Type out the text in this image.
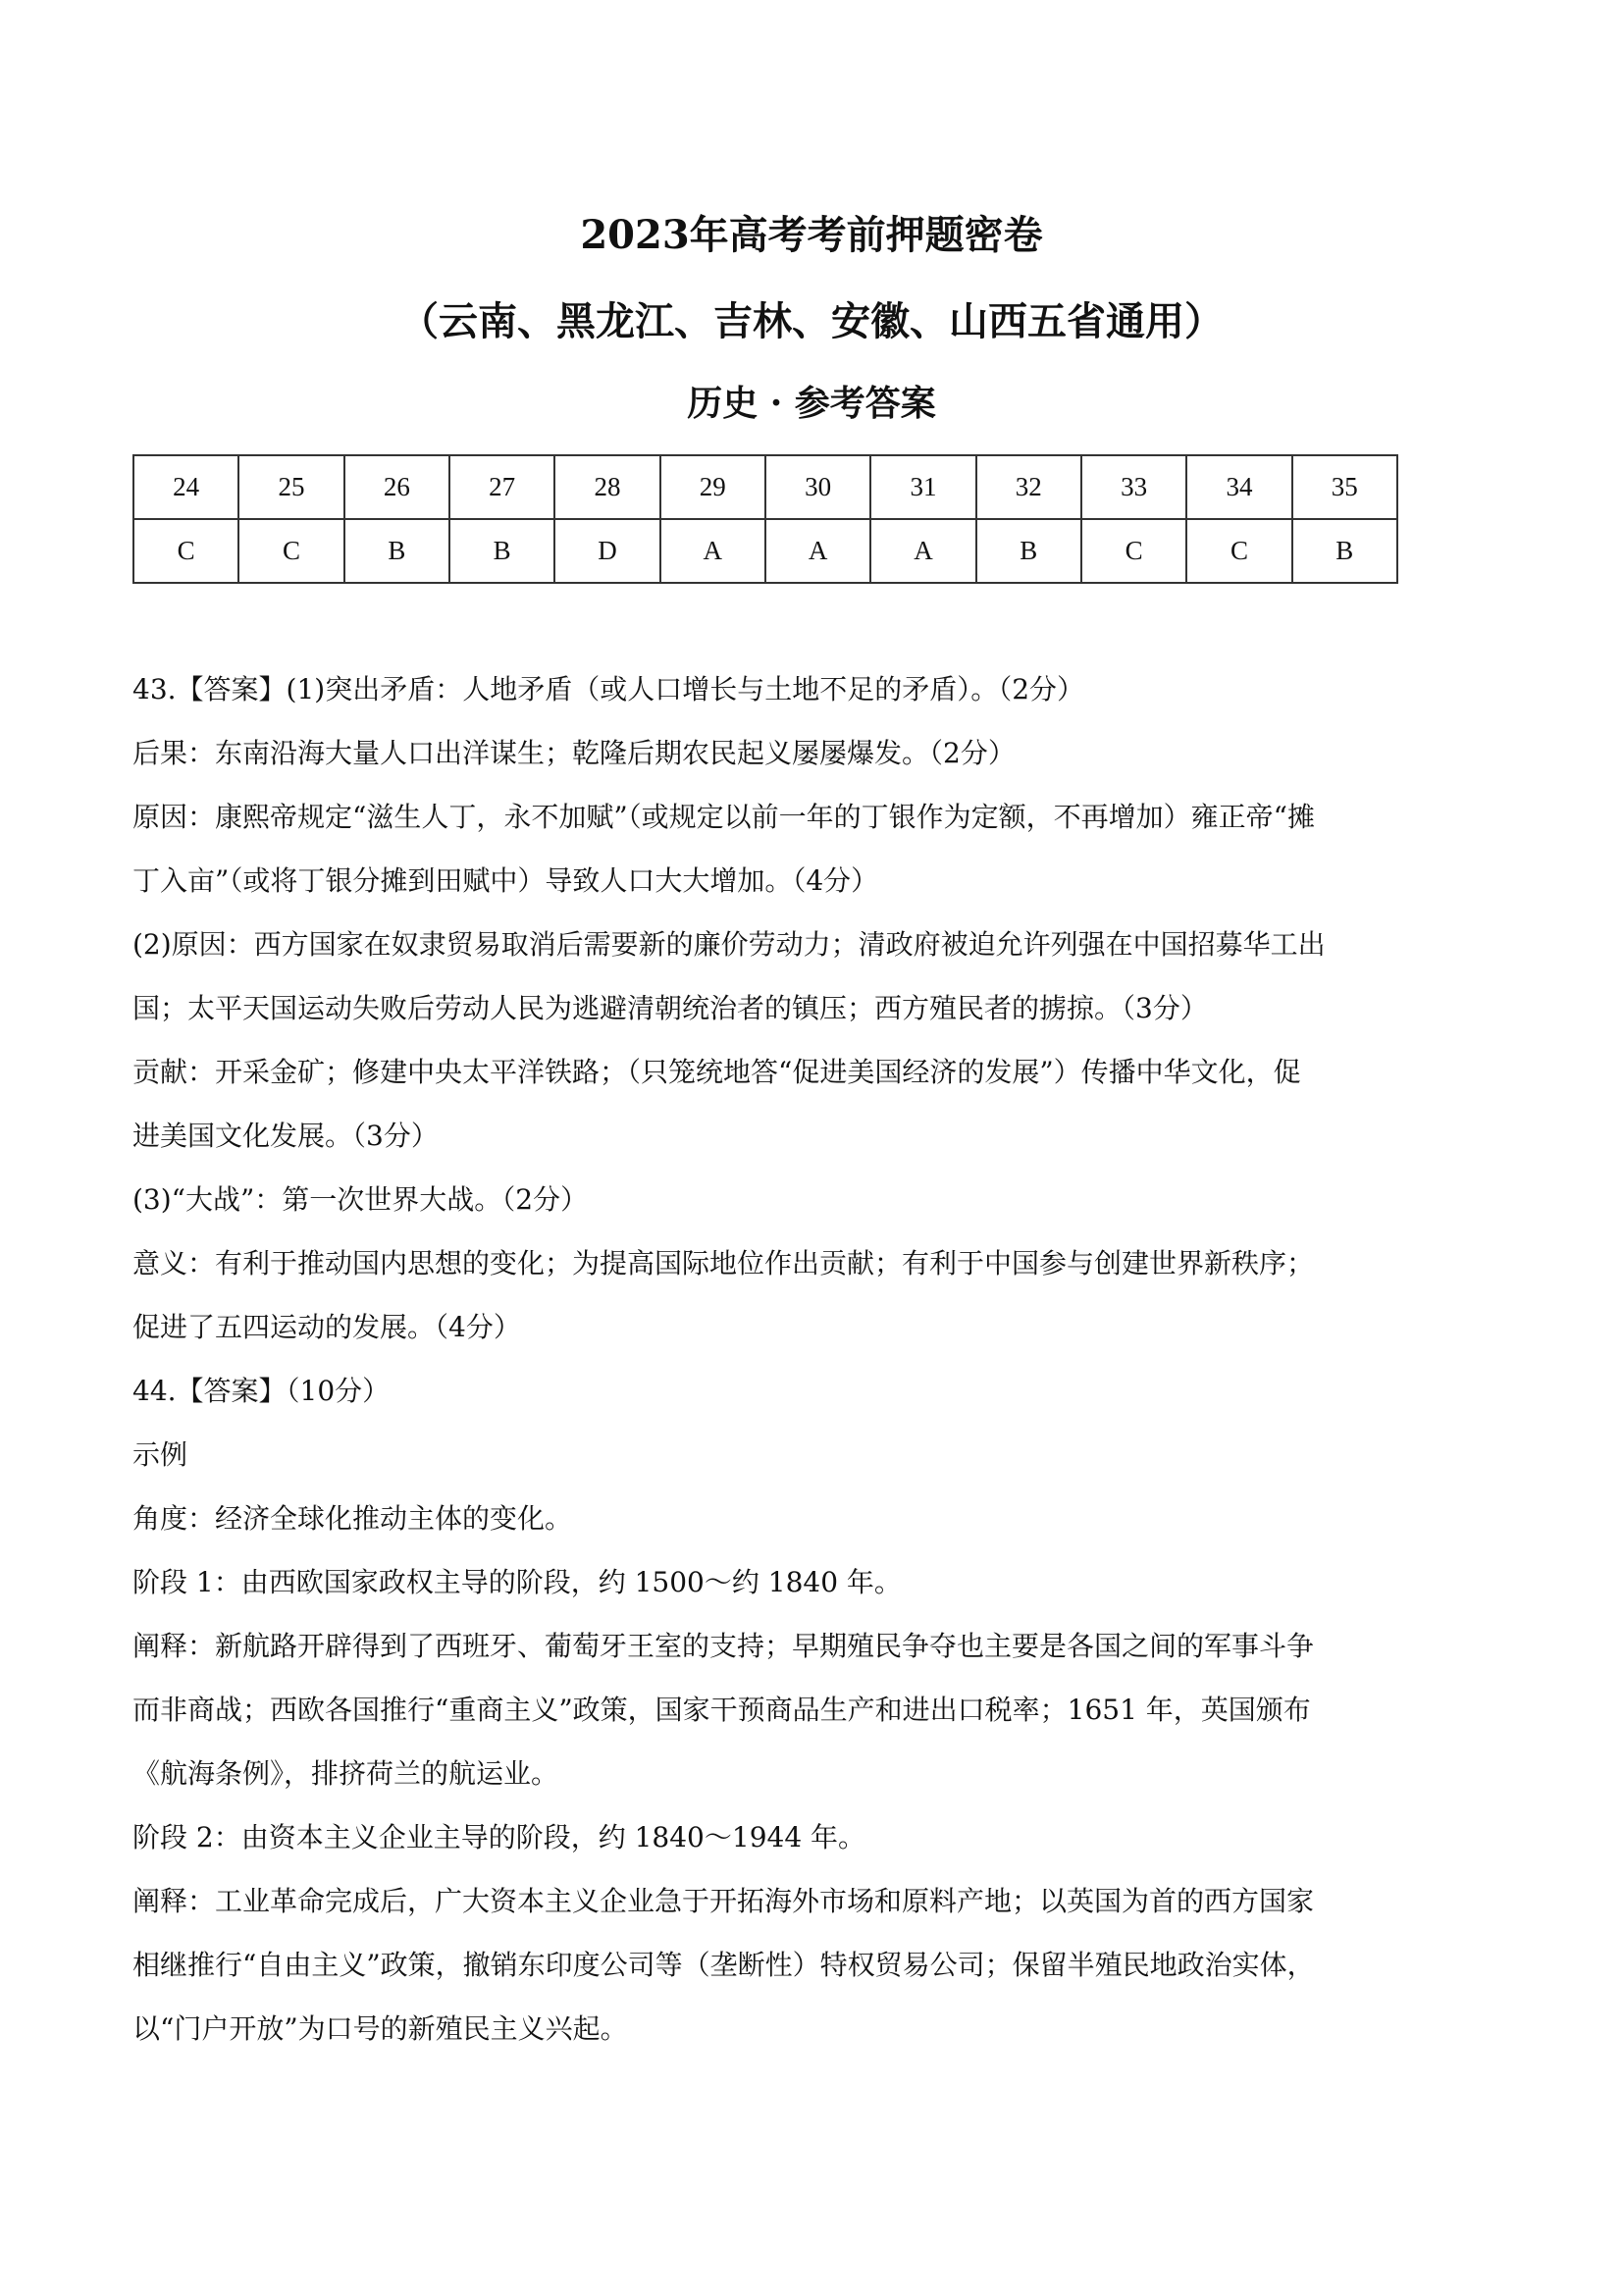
2023年高考考前押题密卷
（云南、黑龙江、吉林、安徽、山西五省通用）
历史 · 参考答案
24	25	26	27	28	29	30	31	32	33	34	35
C	C	B	B	D	A	A	A	B	C	C	B
43.【答案】(1)突出矛盾：人地矛盾（或人口增长与土地不足的矛盾）。（2分）
后果：东南沿海大量人口出洋谋生；乾隆后期农民起义屡屡爆发。（2分）
原因：康熙帝规定“滋生人丁，永不加赋”（或规定以前一年的丁银作为定额，不再增加）雍正帝“摊
丁入亩”（或将丁银分摊到田赋中）导致人口大大增加。（4分）
(2)原因：西方国家在奴隶贸易取消后需要新的廉价劳动力；清政府被迫允许列强在中国招募华工出
国；太平天国运动失败后劳动人民为逃避清朝统治者的镇压；西方殖民者的掳掠。（3分）
贡献：开采金矿；修建中央太平洋铁路；（只笼统地答“促进美国经济的发展”）传播中华文化，促
进美国文化发展。（3分）
(3)“大战”：第一次世界大战。（2分）
意义：有利于推动国内思想的变化；为提高国际地位作出贡献；有利于中国参与创建世界新秩序；
促进了五四运动的发展。（4分）
44.【答案】（10分）
示例
角度：经济全球化推动主体的变化。
阶段 1：由西欧国家政权主导的阶段，约 1500～约 1840 年。
阐释：新航路开辟得到了西班牙、葡萄牙王室的支持；早期殖民争夺也主要是各国之间的军事斗争
而非商战；西欧各国推行“重商主义”政策，国家干预商品生产和进出口税率；1651 年，英国颁布
《航海条例》，排挤荷兰的航运业。
阶段 2：由资本主义企业主导的阶段，约 1840～1944 年。
阐释：工业革命完成后，广大资本主义企业急于开拓海外市场和原料产地；以英国为首的西方国家
相继推行“自由主义”政策，撤销东印度公司等（垄断性）特权贸易公司；保留半殖民地政治实体，
以“门户开放”为口号的新殖民主义兴起。
